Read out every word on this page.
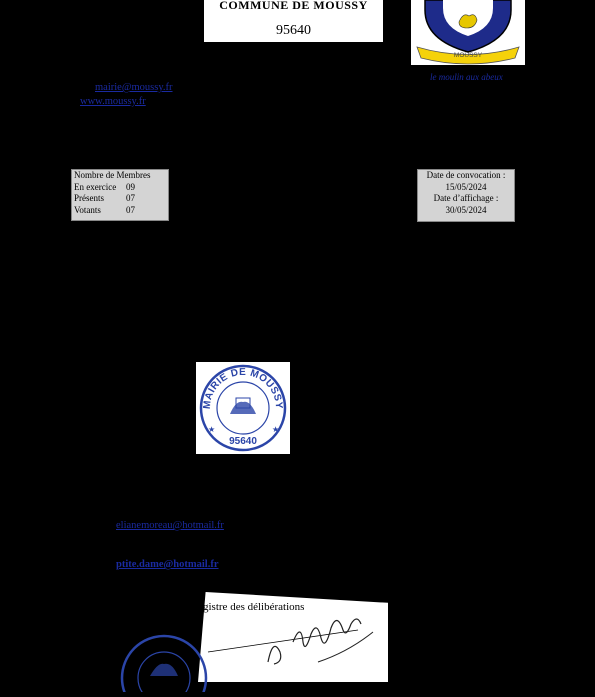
COMMUNE DE MOUSSY
95640
MOUSSY
le moulin aux abeux
mairie@moussy.fr
www.moussy.fr
Nombre de Membres
En exercice	09
Présents	07
Votants	07
Date de convocation :
15/05/2024
Date d’affichage :
30/05/2024
MAIRIE DE MOUSSY
95640
★	★
elianemoreau@hotmail.fr
ptite.dame@hotmail.fr
gistre des délibérations
Fa
